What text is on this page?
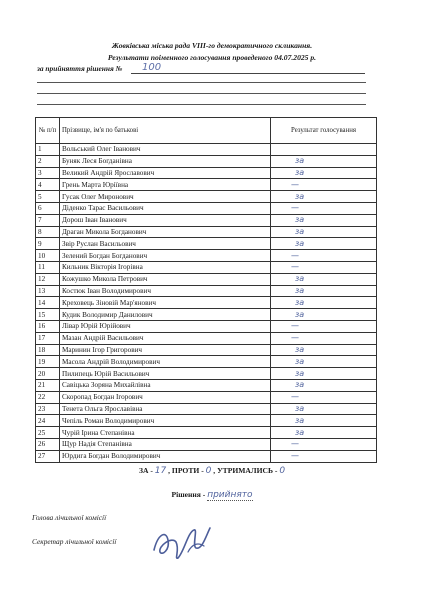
Жовківська міська рада VIII-го демократичного скликання.
Результати поіменного голосування проведеного 04.07.2025 р.
за прийняття рішення № 100
№ п/п	Прізвище, ім'я по батькові	Результат голосування
1	Вольський Олег Іванович	
2	Буняк Леся Богданівна	за
3	Великий Андрій Ярославович	за
4	Грень Марта Юріївна	—
5	Гусак Олег Миронович	за
6	Діденко Тарас Васильович	—
7	Дорош Іван Іванович	за
8	Драган Микола Богданович	за
9	Звір Руслан Васильович	за
10	Зелений Богдан Богданович	—
11	Кильник Вікторія Ігорівна	—
12	Кожушко Микола Петрович	за
13	Костюк Іван Володимирович	за
14	Креховець Зіновій Мар'янович	за
15	Кудик Володимир Данилович	за
16	Лівар Юрій Юрійович	—
17	Мазан Андрій Васильович	—
18	Маринин Ігор Григорович	за
19	Масола Андрій Володимирович	за
20	Пилипець Юрій Васильович	за
21	Савіцька Зоряна Михайлівна	за
22	Скоропад Богдан Ігорович	—
23	Тенета Ольга Ярославівна	за
24	Чепіль Роман Володимирович	за
25	Чурій Ірина Степанівна	за
26	Щур Надія Степанівна	—
27	Юрдига Богдан Володимирович	—
ЗА - 17 , ПРОТИ - 0 , УТРИМАЛИСЬ - 0
Рішення - прийнято
Голова лічильної комісії
Секретар лічильної комісії
